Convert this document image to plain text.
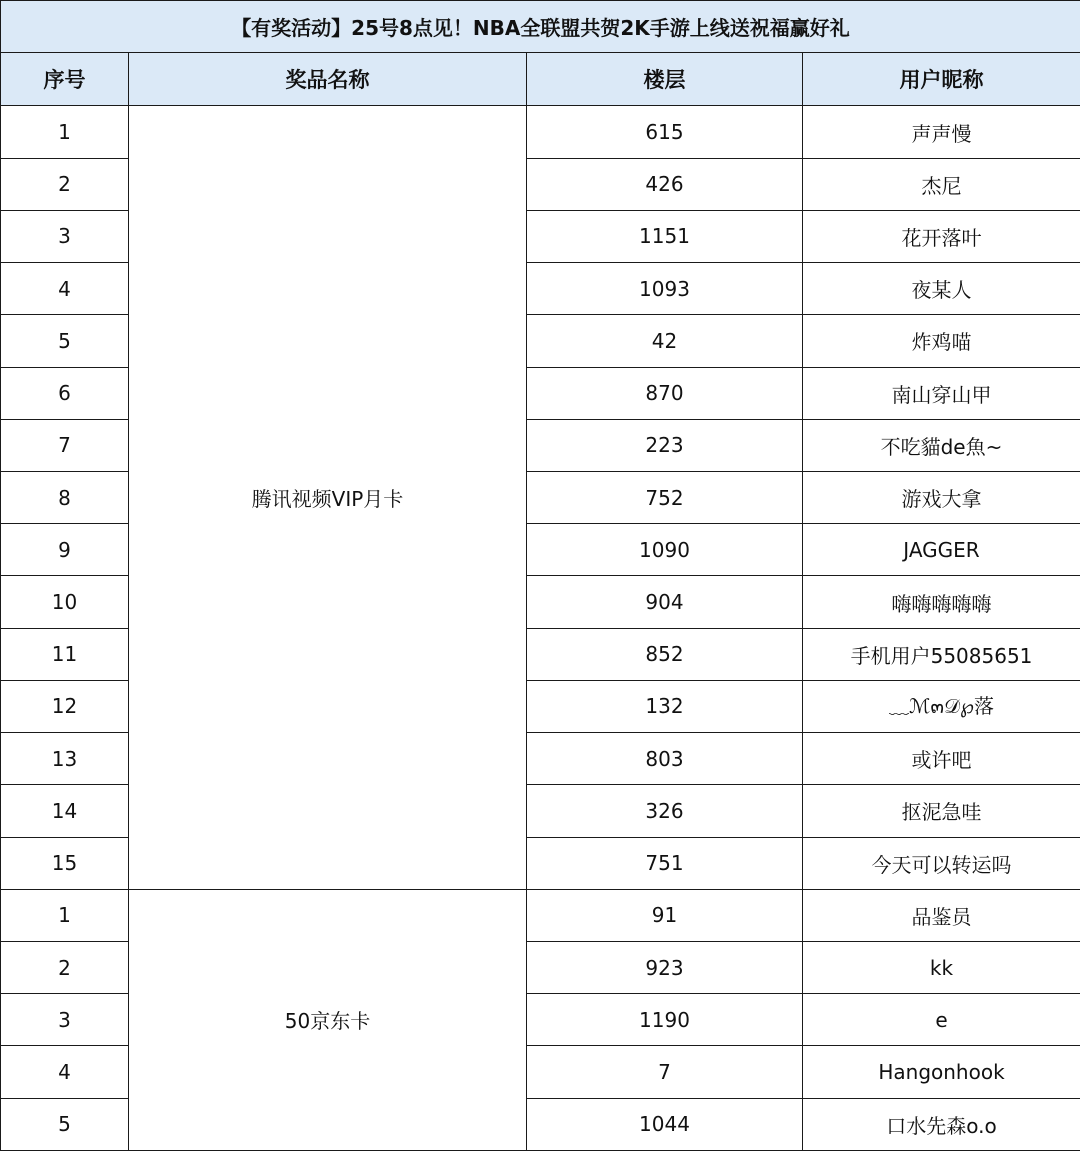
【有奖活动】25号8点见！NBA全联盟共贺2K手游上线送祝福赢好礼			
序号	奖品名称	楼层	用户昵称
1	腾讯视频VIP月卡	615	声声慢
2		426	杰尼
3		1151	花开落叶
4		1093	夜某人
5		42	炸鸡喵
6		870	南山穿山甲
7		223	不吃貓de魚~
8		752	游戏大拿
9		1090	JAGGER
10		904	嗨嗨嗨嗨嗨
11		852	手机用户55085651
12		132	﹏ℳ๓𝒟℘落
13		803	或许吧
14		326	抠泥急哇
15		751	今天可以转运吗
1	50京东卡	91	品鉴员
2		923	kk
3		1190	e
4		7	Hangonhook
5		1044	口水先森o.o
